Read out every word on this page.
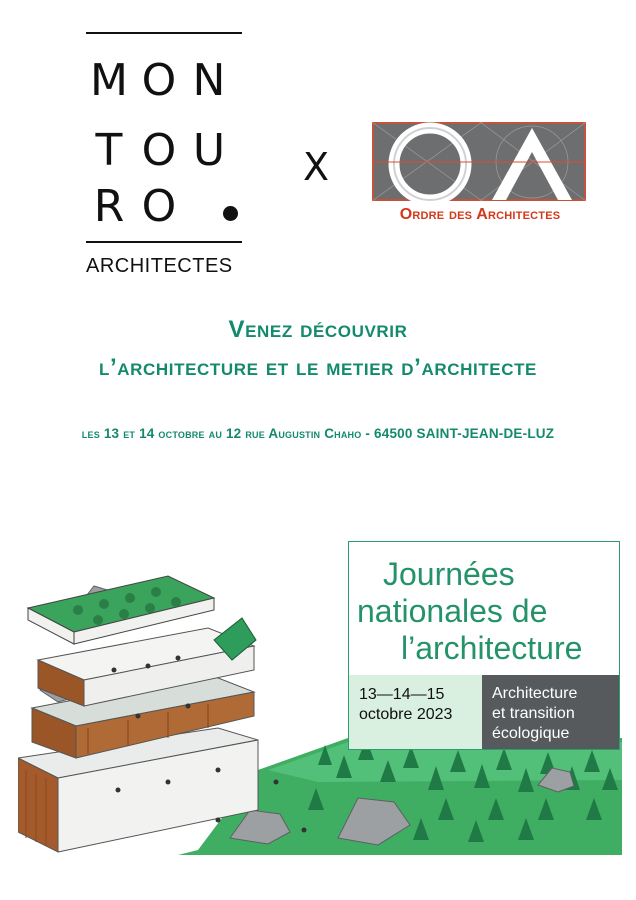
M O N
T O U
R O
ARCHITECTES
X
Ordre des Architectes
Venez découvrir
l’architecture et le metier d’architecte
les 13 et 14 octobre au 12 rue Augustin Chaho - 64500 SAINT-JEAN-DE-LUZ
Journées
nationales de
l’architecture
13—14—15
octobre 2023
Architecture
et transition
écologique
